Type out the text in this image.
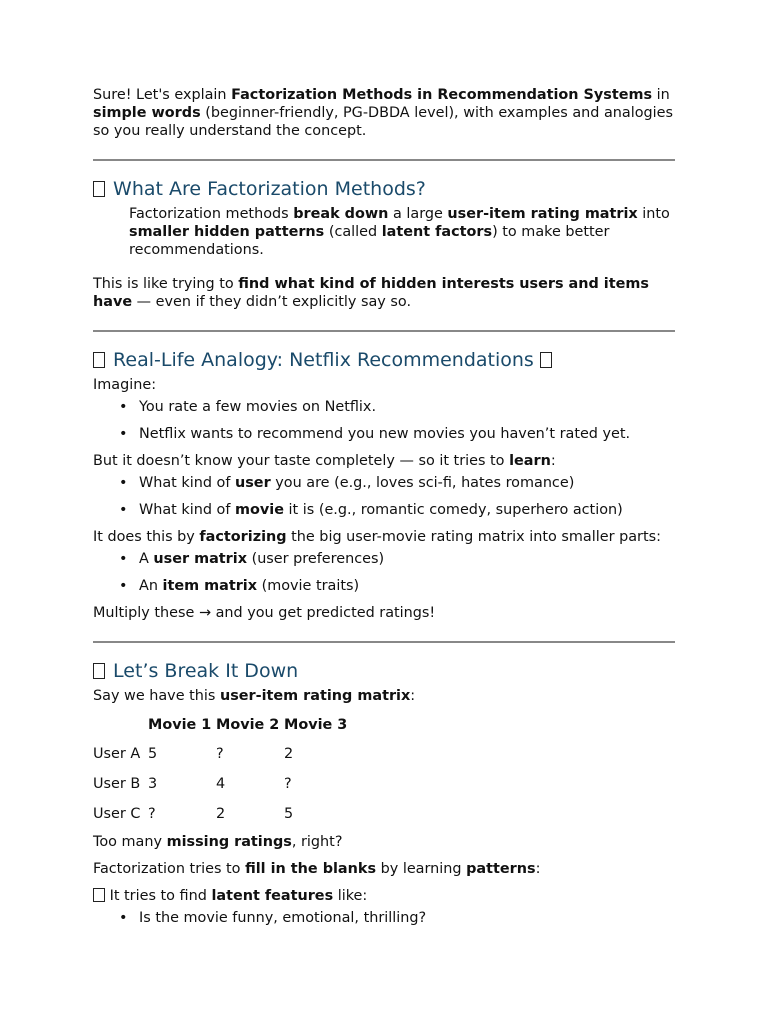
Sure! Let's explain Factorization Methods in Recommendation Systems in simple words (beginner-friendly, PG-DBDA level), with examples and analogies so you really understand the concept.

What Are Factorization Methods?

Factorization methods break down a large user-item rating matrix into smaller hidden patterns (called latent factors) to make better recommendations.

This is like trying to find what kind of hidden interests users and items have — even if they didn’t explicitly say so.

Real-Life Analogy: Netflix Recommendations

Imagine:

• You rate a few movies on Netflix.
• Netflix wants to recommend you new movies you haven’t rated yet.

But it doesn’t know your taste completely — so it tries to learn:

• What kind of user you are (e.g., loves sci-fi, hates romance)
• What kind of movie it is (e.g., romantic comedy, superhero action)

It does this by factorizing the big user-movie rating matrix into smaller parts:

• A user matrix (user preferences)
• An item matrix (movie traits)

Multiply these → and you get predicted ratings!

Let’s Break It Down

Say we have this user-item rating matrix:

	Movie 1	Movie 2	Movie 3
User A	5	?	2
User B	3	4	?
User C	?	2	5

Too many missing ratings, right?

Factorization tries to fill in the blanks by learning patterns:

It tries to find latent features like:

• Is the movie funny, emotional, thrilling?
